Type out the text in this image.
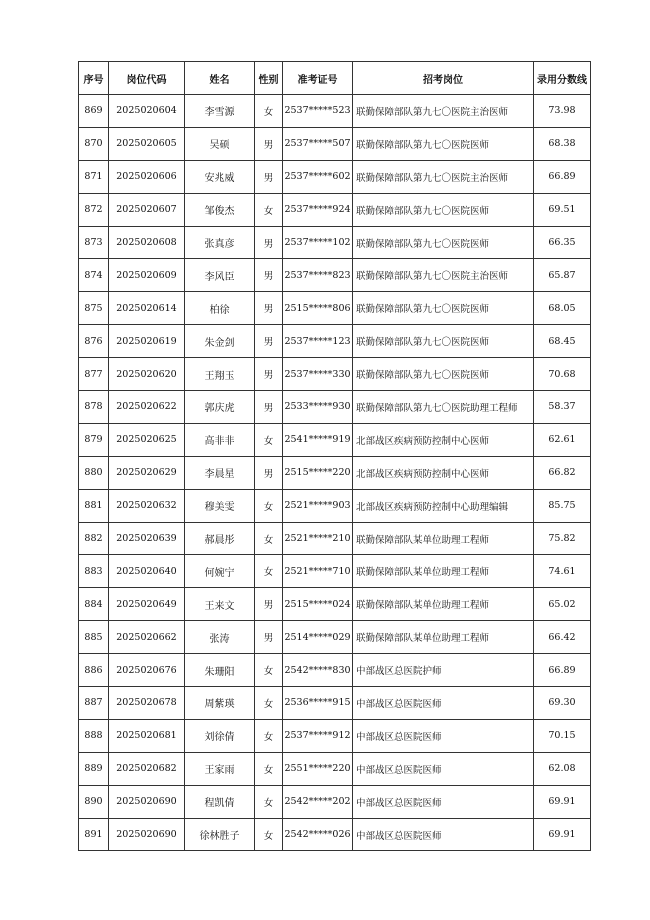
序号	岗位代码	姓名	性别	准考证号	招考岗位	录用分数线
869	2025020604	李雪源	女	2537*****523	联勤保障部队第九七〇医院主治医师	73.98
870	2025020605	吴硕	男	2537*****507	联勤保障部队第九七〇医院医师	68.38
871	2025020606	安兆威	男	2537*****602	联勤保障部队第九七〇医院主治医师	66.89
872	2025020607	邹俊杰	女	2537*****924	联勤保障部队第九七〇医院医师	69.51
873	2025020608	张真彦	男	2537*****102	联勤保障部队第九七〇医院医师	66.35
874	2025020609	李风臣	男	2537*****823	联勤保障部队第九七〇医院主治医师	65.87
875	2025020614	柏徐	男	2515*****806	联勤保障部队第九七〇医院医师	68.05
876	2025020619	朱金剑	男	2537*****123	联勤保障部队第九七〇医院医师	68.45
877	2025020620	王翔玉	男	2537*****330	联勤保障部队第九七〇医院医师	70.68
878	2025020622	郭庆虎	男	2533*****930	联勤保障部队第九七〇医院助理工程师	58.37
879	2025020625	高非非	女	2541*****919	北部战区疾病预防控制中心医师	62.61
880	2025020629	李晨星	男	2515*****220	北部战区疾病预防控制中心医师	66.82
881	2025020632	穆美雯	女	2521*****903	北部战区疾病预防控制中心助理编辑	85.75
882	2025020639	郝晨彤	女	2521*****210	联勤保障部队某单位助理工程师	75.82
883	2025020640	何婉宁	女	2521*****710	联勤保障部队某单位助理工程师	74.61
884	2025020649	王来文	男	2515*****024	联勤保障部队某单位助理工程师	65.02
885	2025020662	张涛	男	2514*****029	联勤保障部队某单位助理工程师	66.42
886	2025020676	朱珊阳	女	2542*****830	中部战区总医院护师	66.89
887	2025020678	周紫瑛	女	2536*****915	中部战区总医院医师	69.30
888	2025020681	刘徐倩	女	2537*****912	中部战区总医院医师	70.15
889	2025020682	王家雨	女	2551*****220	中部战区总医院医师	62.08
890	2025020690	程凯倩	女	2542*****202	中部战区总医院医师	69.91
891	2025020690	徐林胜子	女	2542*****026	中部战区总医院医师	69.91
